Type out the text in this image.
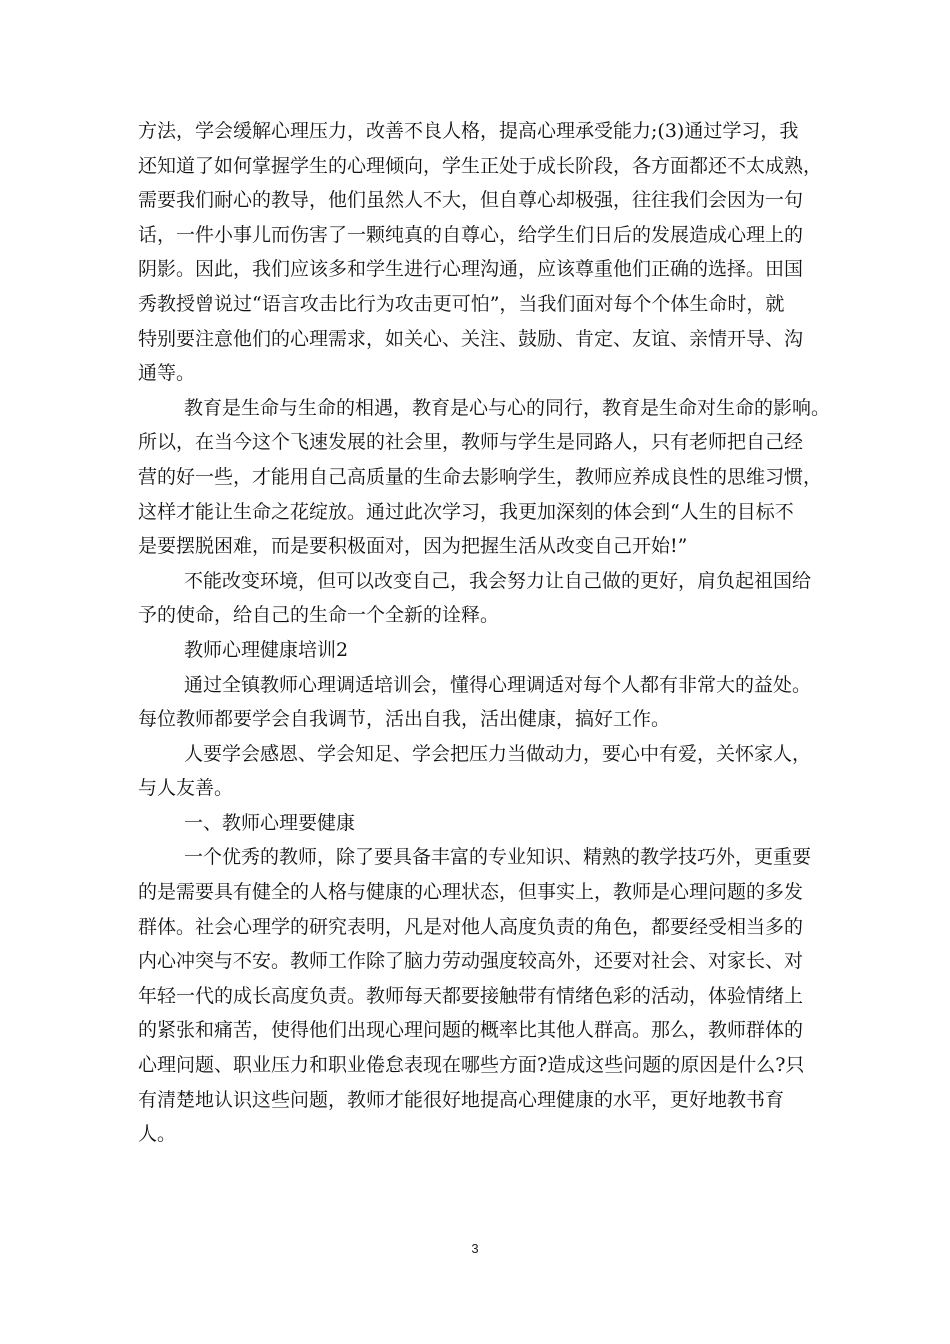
方法，学会缓解心理压力，改善不良人格，提高心理承受能力;(3)通过学习，我
还知道了如何掌握学生的心理倾向，学生正处于成长阶段，各方面都还不太成熟，
需要我们耐心的教导，他们虽然人不大，但自尊心却极强，往往我们会因为一句
话，一件小事儿而伤害了一颗纯真的自尊心，给学生们日后的发展造成心理上的
阴影。因此，我们应该多和学生进行心理沟通，应该尊重他们正确的选择。田国
秀教授曾说过“语言攻击比行为攻击更可怕”，当我们面对每个个体生命时，就
特别要注意他们的心理需求，如关心、关注、鼓励、肯定、友谊、亲情开导、沟
通等。
教育是生命与生命的相遇，教育是心与心的同行，教育是生命对生命的影响。
所以，在当今这个飞速发展的社会里，教师与学生是同路人，只有老师把自己经
营的好一些，才能用自己高质量的生命去影响学生，教师应养成良性的思维习惯，
这样才能让生命之花绽放。通过此次学习，我更加深刻的体会到“人生的目标不
是要摆脱困难，而是要积极面对，因为把握生活从改变自己开始!”
不能改变环境，但可以改变自己，我会努力让自己做的更好，肩负起祖国给
予的使命，给自己的生命一个全新的诠释。
教师心理健康培训2
通过全镇教师心理调适培训会，懂得心理调适对每个人都有非常大的益处。
每位教师都要学会自我调节，活出自我，活出健康，搞好工作。
人要学会感恩、学会知足、学会把压力当做动力，要心中有爱，关怀家人，
与人友善。
一、教师心理要健康
一个优秀的教师，除了要具备丰富的专业知识、精熟的教学技巧外，更重要
的是需要具有健全的人格与健康的心理状态，但事实上，教师是心理问题的多发
群体。社会心理学的研究表明，凡是对他人高度负责的角色，都要经受相当多的
内心冲突与不安。教师工作除了脑力劳动强度较高外，还要对社会、对家长、对
年轻一代的成长高度负责。教师每天都要接触带有情绪色彩的活动，体验情绪上
的紧张和痛苦，使得他们出现心理问题的概率比其他人群高。那么，教师群体的
心理问题、职业压力和职业倦怠表现在哪些方面?造成这些问题的原因是什么?只
有清楚地认识这些问题，教师才能很好地提高心理健康的水平，更好地教书育
人。
3
